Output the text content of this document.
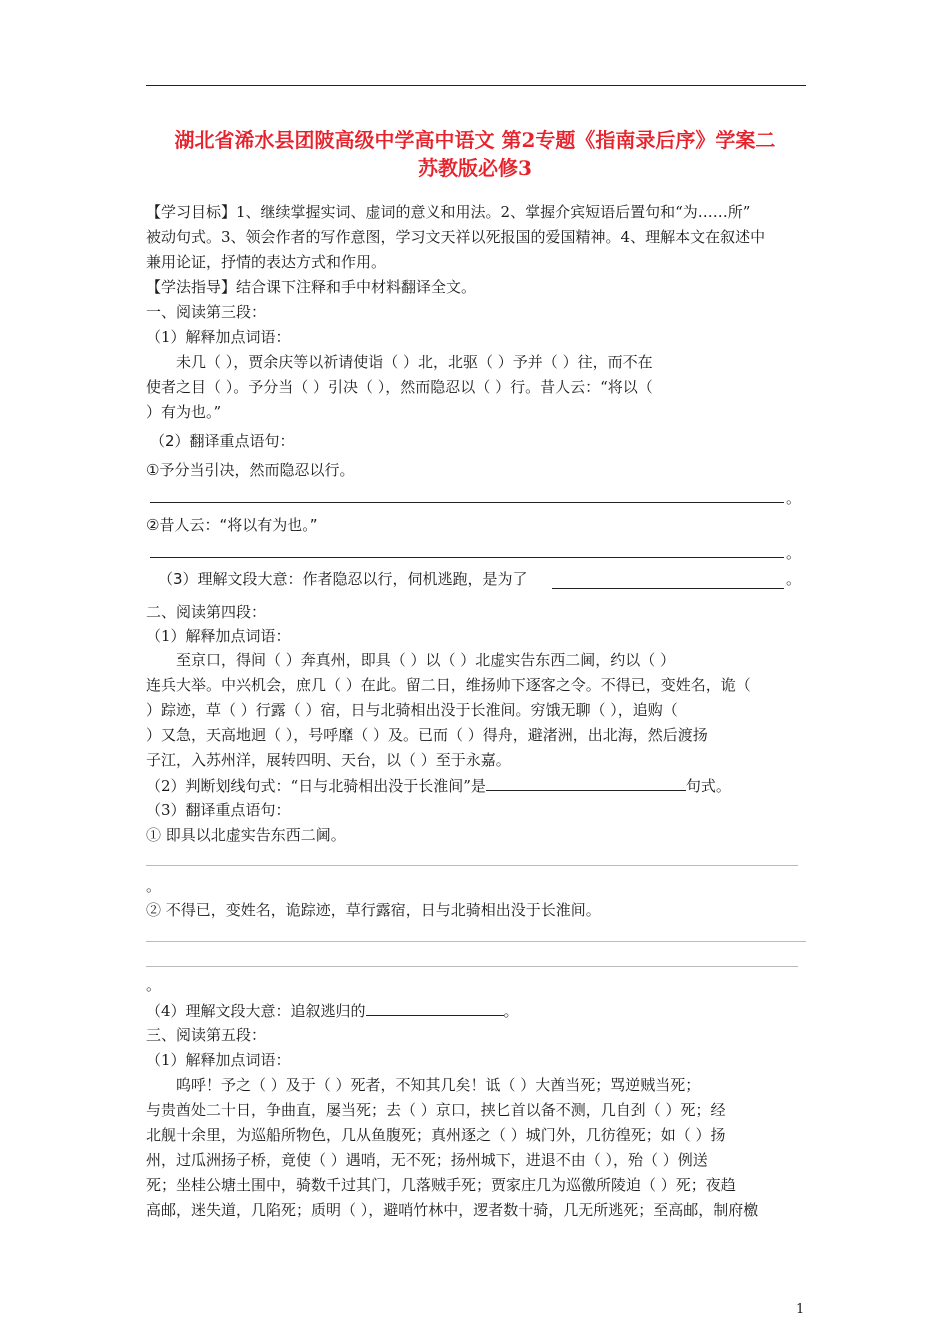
湖北省浠水县团陂高级中学高中语文 第2专题《指南录后序》学案二
苏教版必修3
【学习目标】1、继续掌握实词、虚词的意义和用法。2、掌握介宾短语后置句和“为……所”
被动句式。3、领会作者的写作意图，学习文天祥以死报国的爱国精神。4、理解本文在叙述中
兼用论证，抒情的表达方式和作用。
【学法指导】结合课下注释和手中材料翻译全文。
一、阅读第三段：
（1）解释加点词语：
未几（ ），贾余庆等以祈请使诣（ ）北，北驱（ ）予并（ ）往，而不在
使者之目（ ）。予分当（ ）引决（ ），然而隐忍以（ ）行。昔人云：“将以（
）有为也。”
（2）翻译重点语句：
①予分当引决，然而隐忍以行。
。
②昔人云：“将以有为也。”
。
（3）理解文段大意：作者隐忍以行，伺机逃跑，是为了	。
二、阅读第四段：
（1）解释加点词语：
至京口，得间（ ）奔真州，即具（ ）以（ ）北虚实告东西二阃，约以（ ）
连兵大举。中兴机会，庶几（ ）在此。留二日，维扬帅下逐客之令。不得已，变姓名，诡（
）踪迹，草（ ）行露（ ）宿，日与北骑相出没于长淮间。穷饿无聊（ ），追购（
）又急，天高地迥（ ），号呼靡（ ）及。已而（ ）得舟，避渚洲，出北海，然后渡扬
子江，入苏州洋，展转四明、天台，以（ ）至于永嘉。
（2）判断划线句式：“日与北骑相出没于长淮间”是	句式。
（3）翻译重点语句：
① 即具以北虚实告东西二阃。
。
② 不得已，变姓名，诡踪迹，草行露宿，日与北骑相出没于长淮间。
。
（4）理解文段大意：追叙逃归的	。
三、阅读第五段：
（1）解释加点词语：
呜呼！予之（ ）及于（ ）死者，不知其几矣！诋（ ）大酋当死；骂逆贼当死；
与贵酋处二十日，争曲直，屡当死；去（ ）京口，挟匕首以备不测，几自刭（ ）死；经
北舰十余里，为巡船所物色，几从鱼腹死；真州逐之（ ）城门外，几彷徨死；如（ ）扬
州，过瓜洲扬子桥，竟使（ ）遇哨，无不死；扬州城下，进退不由（ ），殆（ ）例送
死；坐桂公塘土围中，骑数千过其门，几落贼手死；贾家庄几为巡徼所陵迫（ ）死；夜趋
高邮，迷失道，几陷死；质明（ ），避哨竹林中，逻者数十骑，几无所逃死；至高邮，制府檄
1
